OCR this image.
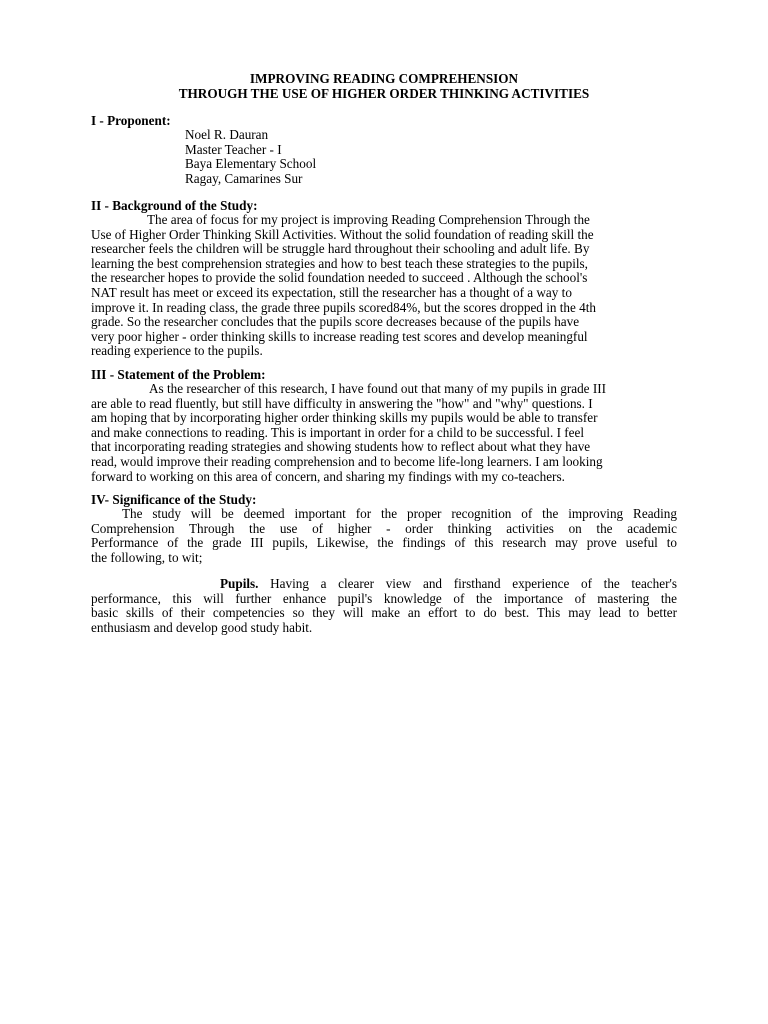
IMPROVING READING COMPREHENSION
THROUGH THE USE OF HIGHER ORDER THINKING ACTIVITIES
I - Proponent:
Noel R. Dauran
Master Teacher - I
Baya Elementary School
Ragay, Camarines Sur
II - Background of the Study:
The area of focus for my project is improving Reading Comprehension Through the
Use of Higher Order Thinking Skill Activities. Without the solid foundation of reading skill the
researcher feels the children will be struggle hard throughout their schooling and adult life. By
learning the best comprehension strategies and how to best teach these strategies to the pupils,
the researcher hopes to provide the solid foundation needed to succeed . Although the school's
NAT result has meet or exceed its expectation, still the researcher has a thought of a way to
improve it. In reading class, the grade three pupils scored84%, but the scores dropped in the 4th
grade. So the researcher concludes that the pupils score decreases because of the pupils have
very poor higher - order thinking skills to increase reading test scores and develop meaningful
reading experience to the pupils.
III - Statement of the Problem:
As the researcher of this research, I have found out that many of my pupils in grade III
are able to read fluently, but still have difficulty in answering the "how" and "why" questions. I
am hoping that by incorporating higher order thinking skills my pupils would be able to transfer
and make connections to reading. This is important in order for a child to be successful. I feel
that incorporating reading strategies and showing students how to reflect about what they have
read, would improve their reading comprehension and to become life-long learners. I am looking
forward to working on this area of concern, and sharing my findings with my co-teachers.
IV- Significance of the Study:
The study will be deemed important for the proper recognition of the improving Reading
Comprehension Through the use of higher - order thinking activities on the academic
Performance of the grade III pupils, Likewise, the findings of this research may prove useful to
the following, to wit;
Pupils. Having a clearer view and firsthand experience of the teacher's
performance, this will further enhance pupil's knowledge of the importance of mastering the
basic skills of their competencies so they will make an effort to do best. This may lead to better
enthusiasm and develop good study habit.
